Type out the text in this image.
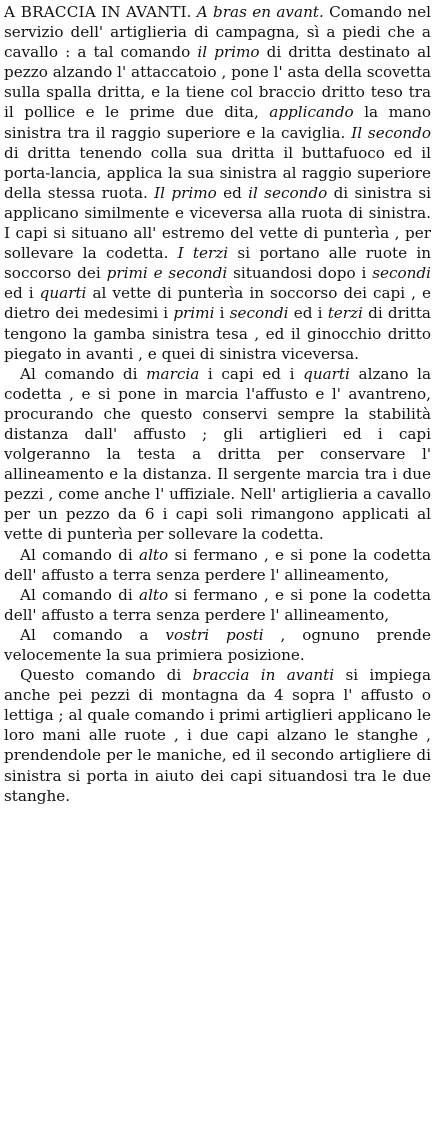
A BRACCIA IN AVANTI. A bras en avant. Comando nel servizio dell' artiglieria di campagna, sì a piedi che a cavallo : a tal comando il primo di dritta destinato al pezzo alzando l' attaccatoio , pone l' asta della scovetta sulla spalla dritta, e la tiene col braccio dritto teso tra il pollice e le prime due dita, applicando la mano sinistra tra il raggio superiore e la caviglia. Il secondo di dritta tenendo colla sua dritta il buttafuoco ed il porta-lancia, applica la sua sinistra al raggio superiore della stessa ruota. Il primo ed il secondo di sinistra si applicano similmente e viceversa alla ruota di sinistra. I capi si situano all' estremo del vette di punterìa , per sollevare la codetta. I terzi si portano alle ruote in soccorso dei primi e secondi situandosi dopo i secondi ed i quarti al vette di punterìa in soccorso dei capi , e dietro dei medesimi i primi i secondi ed i terzi di dritta tengono la gamba sinistra tesa , ed il ginocchio dritto piegato in avanti , e quei di sinistra viceversa.

Al comando di marcia i capi ed i quarti alzano la codetta , e si pone in marcia l'affusto e l' avantreno, procurando che questo conservi sempre la stabilità distanza dall' affusto ; gli artiglieri ed i capi volgeranno la testa a dritta per conservare l' allineamento e la distanza. Il sergente marcia tra i due pezzi , come anche l' uffiziale. Nell' artiglieria a cavallo per un pezzo da 6 i capi soli rimangono applicati al vette di punterìa per sollevare la codetta.

Al comando di alto si fermano , e si pone la codetta dell' affusto a terra senza perdere l' allineamento,

Al comando di alto si fermano , e si pone la codetta dell' affusto a terra senza perdere l' allineamento,

Al comando a vostri posti , ognuno prende velocemente la sua primiera posizione.

Questo comando di braccia in avanti si impiega anche pei pezzi di montagna da 4 sopra l' affusto o lettiga ; al quale comando i primi artiglieri applicano le loro mani alle ruote , i due capi alzano le stanghe , prendendole per le maniche, ed il secondo artigliere di sinistra si porta in aiuto dei capi situandosi tra le due stanghe.
